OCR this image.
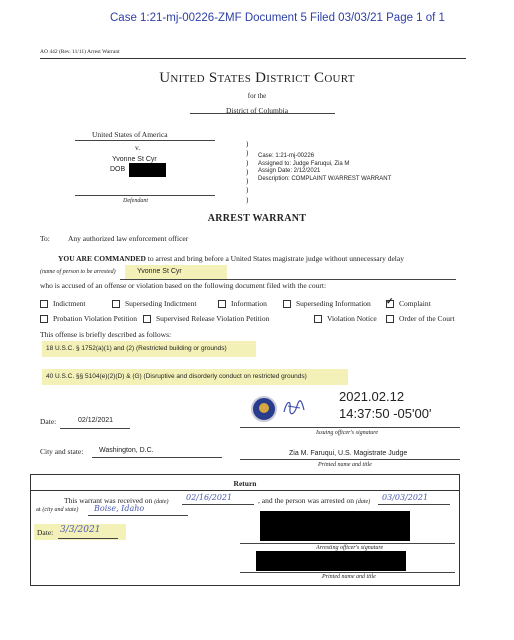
Case 1:21-mj-00226-ZMF Document 5 Filed 03/03/21 Page 1 of 1
AO 442 (Rev. 11/11) Arrest Warrant
United States District Court
for the
District of Columbia
United States of America
v.
Yvonne St Cyr
DOB
Defendant
)
)
)
)
)
)
)
Case: 1:21-mj-00226
Assigned to: Judge Faruqui, Zia M
Assign Date: 2/12/2021
Description: COMPLAINT W/ARREST WARRANT
ARREST WARRANT
To: Any authorized law enforcement officer
YOU ARE COMMANDED to arrest and bring before a United States magistrate judge without unnecessary delay
(name of person to be arrested)	Yvonne St Cyr
who is accused of an offense or violation based on the following document filed with the court:
Indictment	Superseding Indictment	Information	Superseding Information ✓ Complaint
Probation Violation Petition	Supervised Release Violation Petition	Violation Notice	Order of the Court
This offense is briefly described as follows:
18 U.S.C. § 1752(a)(1) and (2) (Restricted building or grounds)
40 U.S.C. §§ 5104(e)(2)(D) & (G) (Disruptive and disorderly conduct on restricted grounds)
2021.02.12
14:37:50 -05'00'
Issuing officer's signature
Date:	02/12/2021
City and state: Washington, D.C.	Zia M. Faruqui, U.S. Magistrate Judge
Printed name and title
Return
This warrant was received on (date) 02/16/2021	, and the person was arrested on (date) 03/03/2021
at (city and state) Boise, Idaho
Date: 3/3/2021
Arresting officer's signature
Printed name and title
